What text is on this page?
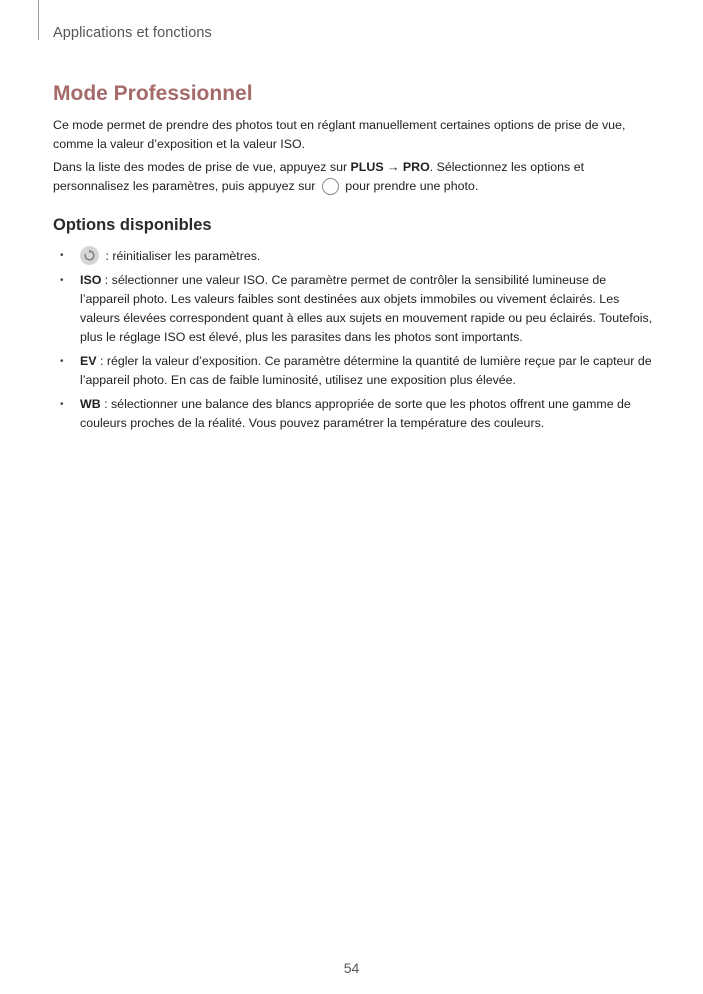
Applications et fonctions
Mode Professionnel

Ce mode permet de prendre des photos tout en réglant manuellement certaines options de prise de vue, comme la valeur d’exposition et la valeur ISO.

Dans la liste des modes de prise de vue, appuyez sur PLUS → PRO. Sélectionnez les options et personnalisez les paramètres, puis appuyez sur  pour prendre une photo.

Options disponibles
•	: réinitialiser les paramètres.
• ISO : sélectionner une valeur ISO. Ce paramètre permet de contrôler la sensibilité lumineuse de l’appareil photo. Les valeurs faibles sont destinées aux objets immobiles ou vivement éclairés. Les valeurs élevées correspondent quant à elles aux sujets en mouvement rapide ou peu éclairés. Toutefois, plus le réglage ISO est élevé, plus les parasites dans les photos sont importants.
• EV : régler la valeur d’exposition. Ce paramètre détermine la quantité de lumière reçue par le capteur de l’appareil photo. En cas de faible luminosité, utilisez une exposition plus élevée.
• WB : sélectionner une balance des blancs appropriée de sorte que les photos offrent une gamme de couleurs proches de la réalité. Vous pouvez paramétrer la température des couleurs.
54
